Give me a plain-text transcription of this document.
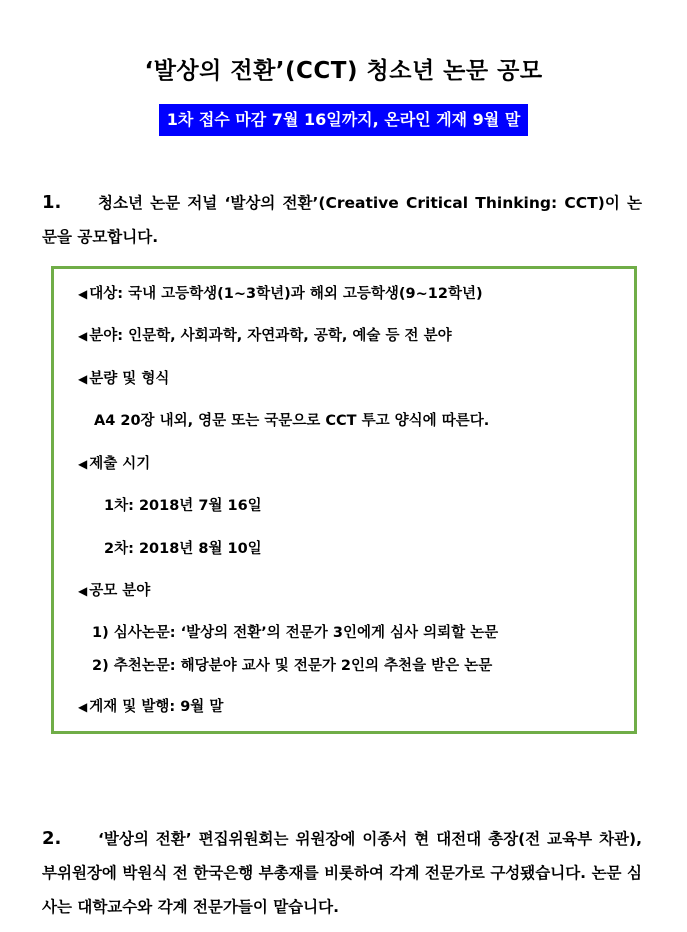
‘발상의 전환’(CCT) 청소년 논문 공모
1차 접수 마감 7월 16일까지, 온라인 게재 9월 말
1. 청소년 논문 저널 ‘발상의 전환’(Creative Critical Thinking: CCT)이 논문을 공모합니다.
◀ 대상: 국내 고등학생(1~3학년)과 해외 고등학생(9~12학년)
◀ 분야: 인문학, 사회과학, 자연과학, 공학, 예술 등 전 분야
◀ 분량 및 형식
A4 20장 내외, 영문 또는 국문으로 CCT 투고 양식에 따른다.
◀ 제출 시기
1차: 2018년 7월 16일
2차: 2018년 8월 10일
◀ 공모 분야
1) 심사논문: ‘발상의 전환’의 전문가 3인에게 심사 의뢰할 논문
2) 추천논문: 해당분야 교사 및 전문가 2인의 추천을 받은 논문
◀ 게재 및 발행: 9월 말
2. ‘발상의 전환’ 편집위원회는 위원장에 이종서 현 대전대 총장(전 교육부 차관), 부위원장에 박원식 전 한국은행 부총재를 비롯하여 각계 전문가로 구성됐습니다. 논문 심사는 대학교수와 각계 전문가들이 맡습니다.
